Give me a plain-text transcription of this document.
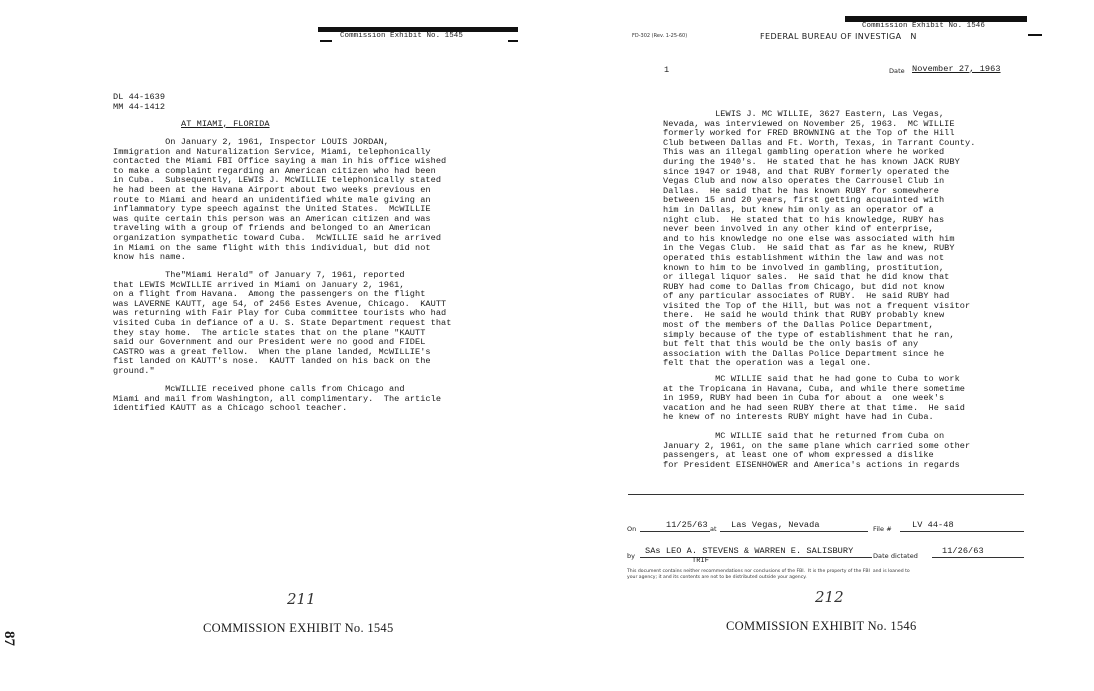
Commission Exhibit No. 1545
DL 44-1639
MM 44-1412
AT MIAMI, FLORIDA
On January 2, 1961, Inspector LOUIS JORDAN,
Immigration and Naturalization Service, Miami, telephonically
contacted the Miami FBI Office saying a man in his office wished
to make a complaint regarding an American citizen who had been
in Cuba.  Subsequently, LEWIS J. McWILLIE telephonically stated
he had been at the Havana Airport about two weeks previous en
route to Miami and heard an unidentified white male giving an
inflammatory type speech against the United States.  McWILLIE
was quite certain this person was an American citizen and was
traveling with a group of friends and belonged to an American
organization sympathetic toward Cuba.  McWILLIE said he arrived
in Miami on the same flight with this individual, but did not
know his name.
The"Miami Herald" of January 7, 1961, reported
that LEWIS McWILLIE arrived in Miami on January 2, 1961,
on a flight from Havana.  Among the passengers on the flight
was LAVERNE KAUTT, age 54, of 2456 Estes Avenue, Chicago.  KAUTT
was returning with Fair Play for Cuba committee tourists who had
visited Cuba in defiance of a U. S. State Department request that
they stay home.  The article states that on the plane "KAUTT
said our Government and our President were no good and FIDEL
CASTRO was a great fellow.  When the plane landed, McWILLIE's
fist landed on KAUTT's nose.  KAUTT landed on his back on the
ground."
McWILLIE received phone calls from Chicago and
Miami and mail from Washington, all complimentary.  The article
identified KAUTT as a Chicago school teacher.
211
COMMISSION EXHIBIT No. 1545
87
Commission Exhibit No. 1546
FD-302 (Rev. 1-25-60)	FEDERAL BUREAU OF INVESTIGA   N
1	Date November 27, 1963
LEWIS J. MC WILLIE, 3627 Eastern, Las Vegas,
Nevada, was interviewed on November 25, 1963.  MC WILLIE
formerly worked for FRED BROWNING at the Top of the Hill
Club between Dallas and Ft. Worth, Texas, in Tarrant County.
This was an illegal gambling operation where he worked
during the 1940's.  He stated that he has known JACK RUBY
since 1947 or 1948, and that RUBY formerly operated the
Vegas Club and now also operates the Carrousel Club in
Dallas.  He said that he has known RUBY for somewhere
between 15 and 20 years, first getting acquainted with
him in Dallas, but knew him only as an operator of a
night club.  He stated that to his knowledge, RUBY has
never been involved in any other kind of enterprise,
and to his knowledge no one else was associated with him
in the Vegas Club.  He said that as far as he knew, RUBY
operated this establishment within the law and was not
known to him to be involved in gambling, prostitution,
or illegal liquor sales.  He said that he did know that
RUBY had come to Dallas from Chicago, but did not know
of any particular associates of RUBY.  He said RUBY had
visited the Top of the Hill, but was not a frequent visitor
there.  He said he would think that RUBY probably knew
most of the members of the Dallas Police Department,
simply because of the type of establishment that he ran,
but felt that this would be the only basis of any
association with the Dallas Police Department since he
felt that the operation was a legal one.
MC WILLIE said that he had gone to Cuba to work
at the Tropicana in Havana, Cuba, and while there sometime
in 1959, RUBY had been in Cuba for about a  one week's
vacation and he had seen RUBY there at that time.  He said
he knew of no interests RUBY might have had in Cuba.
MC WILLIE said that he returned from Cuba on
January 2, 1961, on the same plane which carried some other
passengers, at least one of whom expressed a dislike
for President EISENHOWER and America's actions in regards
On	11/25/63 at Las Vegas, Nevada	File # LV 44-48
by SAs LEO A. STEVENS & WARREN E. SALISBURY
TRIF
Date dictated	11/26/63
This document contains neither recommendations nor conclusions of the FBI.  It is the property of the FBI  and is loaned to
your agency; it and its contents are not to be distributed outside your agency.
212
COMMISSION EXHIBIT No. 1546
